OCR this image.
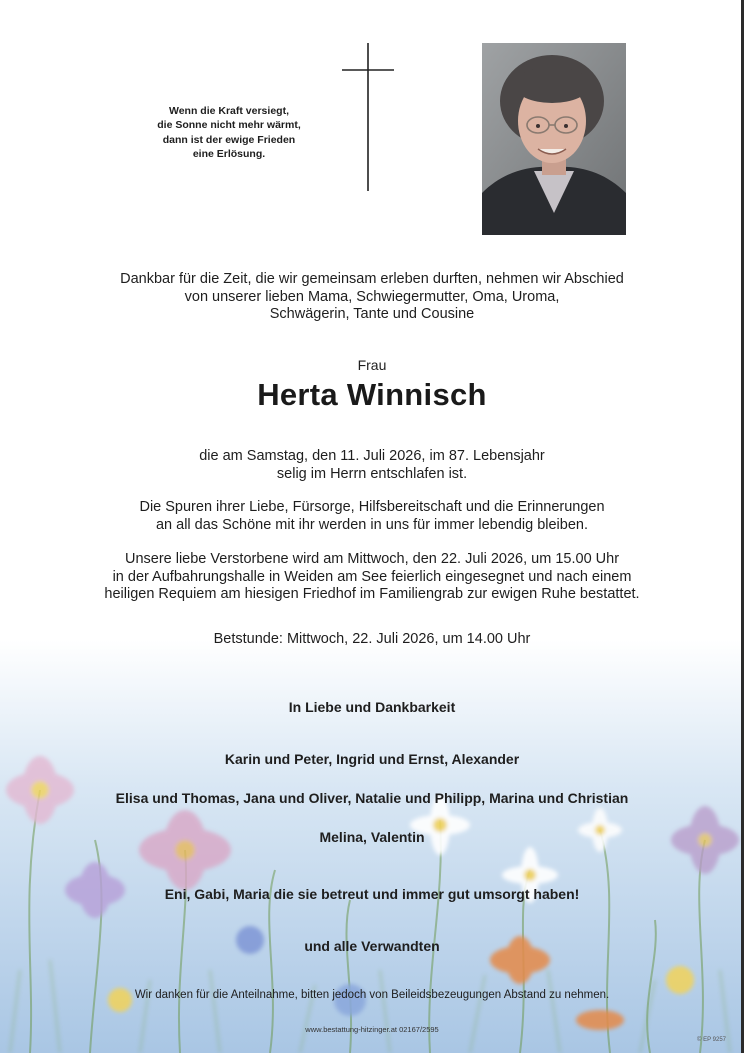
Wenn die Kraft versiegt,
die Sonne nicht mehr wärmt,
dann ist der ewige Frieden
eine Erlösung.
Dankbar für die Zeit, die wir gemeinsam erleben durften, nehmen wir Abschied
von unserer lieben Mama, Schwiegermutter, Oma, Uroma,
Schwägerin, Tante und Cousine
Frau
Herta Winnisch
die am Samstag, den 11. Juli 2026, im 87. Lebensjahr
selig im Herrn entschlafen ist.
Die Spuren ihrer Liebe, Fürsorge, Hilfsbereitschaft und die Erinnerungen
an all das Schöne mit ihr werden in uns für immer lebendig bleiben.
Unsere liebe Verstorbene wird am Mittwoch, den 22. Juli 2026, um 15.00 Uhr
in der Aufbahrungshalle in Weiden am See feierlich eingesegnet und nach einem
heiligen Requiem am hiesigen Friedhof im Familiengrab zur ewigen Ruhe bestattet.
Betstunde: Mittwoch, 22. Juli 2026, um 14.00 Uhr
In Liebe und Dankbarkeit
Karin und Peter, Ingrid und Ernst, Alexander
Elisa und Thomas, Jana und Oliver, Natalie und Philipp, Marina und Christian
Melina, Valentin
Eni, Gabi, Maria die sie betreut und immer gut umsorgt haben!
und alle Verwandten
Wir danken für die Anteilnahme, bitten jedoch von Beileidsbezeugungen Abstand zu nehmen.
www.bestattung-hitzinger.at 02167/2595
© EP 9257
